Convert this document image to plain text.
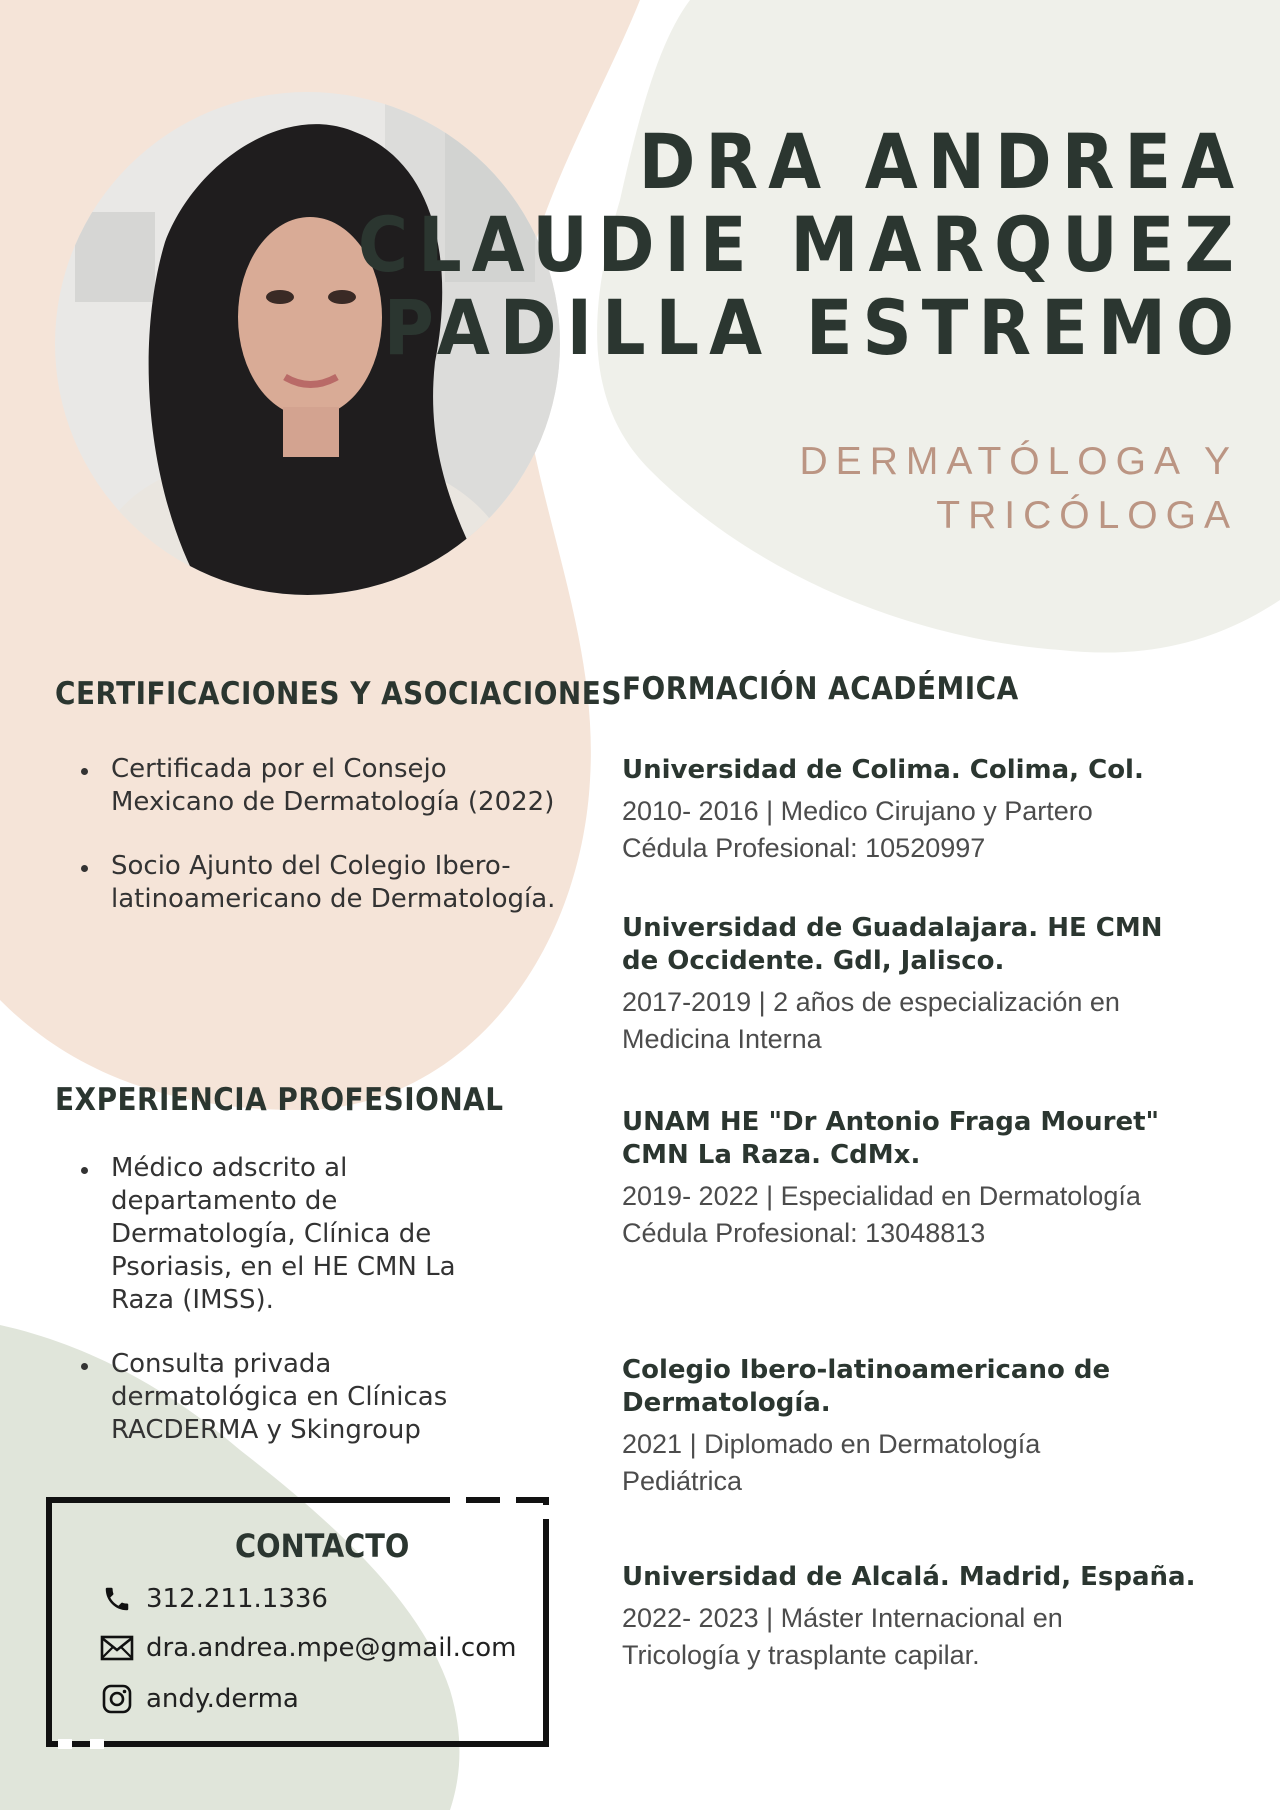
DRA ANDREA
CLAUDIE MARQUEZ
PADILLA ESTREMO
DERMATÓLOGA Y
TRICÓLOGA
CERTIFICACIONES Y ASOCIACIONES
Certificada por el Consejo Mexicano de Dermatología (2022)
Socio Ajunto del Colegio Ibero-latinoamericano de Dermatología.
EXPERIENCIA PROFESIONAL
Médico adscrito al departamento de Dermatología, Clínica de Psoriasis, en el HE CMN La Raza (IMSS).
Consulta privada dermatológica en Clínicas RACDERMA y Skingroup
FORMACIÓN ACADÉMICA
Universidad de Colima. Colima, Col.
2010- 2016 | Medico Cirujano y Partero Cédula Profesional: 10520997
Universidad de Guadalajara. HE CMN de Occidente. Gdl, Jalisco.
2017-2019 | 2 años de especialización en Medicina Interna
UNAM HE "Dr Antonio Fraga Mouret" CMN La Raza. CdMx.
2019- 2022 | Especialidad en Dermatología Cédula Profesional: 13048813
Colegio Ibero-latinoamericano de Dermatología.
2021 | Diplomado en Dermatología Pediátrica
Universidad de Alcalá. Madrid, España.
2022- 2023 | Máster Internacional en Tricología y trasplante capilar.
CONTACTO
312.211.1336
dra.andrea.mpe@gmail.com
andy.derma
